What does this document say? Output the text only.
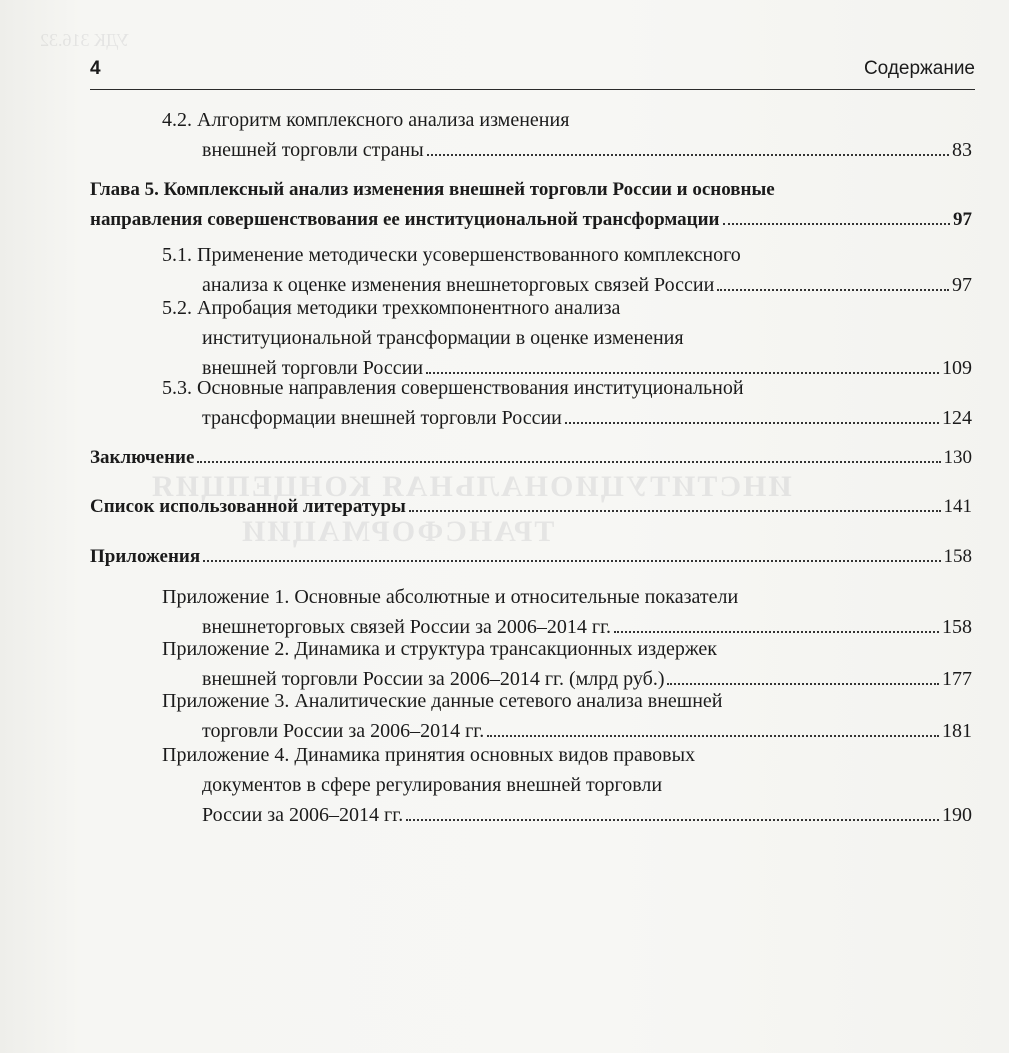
УДК 316.32
ИНСТИТУЦИОНАЛЬНАЯ КОНЦЕПЦИЯ
ТРАНСФОРМАЦИИ
4	Содержание
4.2. Алгоритм комплексного анализа изменения
внешней торговли страны	83
Глава 5. Комплексный анализ изменения внешней торговли России и основные
направления совершенствования ее институциональной трансформации	97
5.1. Применение методически усовершенствованного комплексного
анализа к оценке изменения внешнеторговых связей России	97
5.2. Апробация методики трехкомпонентного анализа
институциональной трансформации в оценке изменения
внешней торговли России	109
5.3. Основные направления совершенствования институциональной
трансформации внешней торговли России	124
Заключение	130
Список использованной литературы	141
Приложения	158
Приложение 1. Основные абсолютные и относительные показатели
внешнеторговых связей России за 2006–2014 гг.	158
Приложение 2. Динамика и структура трансакционных издержек
внешней торговли России за 2006–2014 гг. (млрд руб.)	177
Приложение 3. Аналитические данные сетевого анализа внешней
торговли России за 2006–2014 гг.	181
Приложение 4. Динамика принятия основных видов правовых
документов в сфере регулирования внешней торговли
России за 2006–2014 гг.	190
